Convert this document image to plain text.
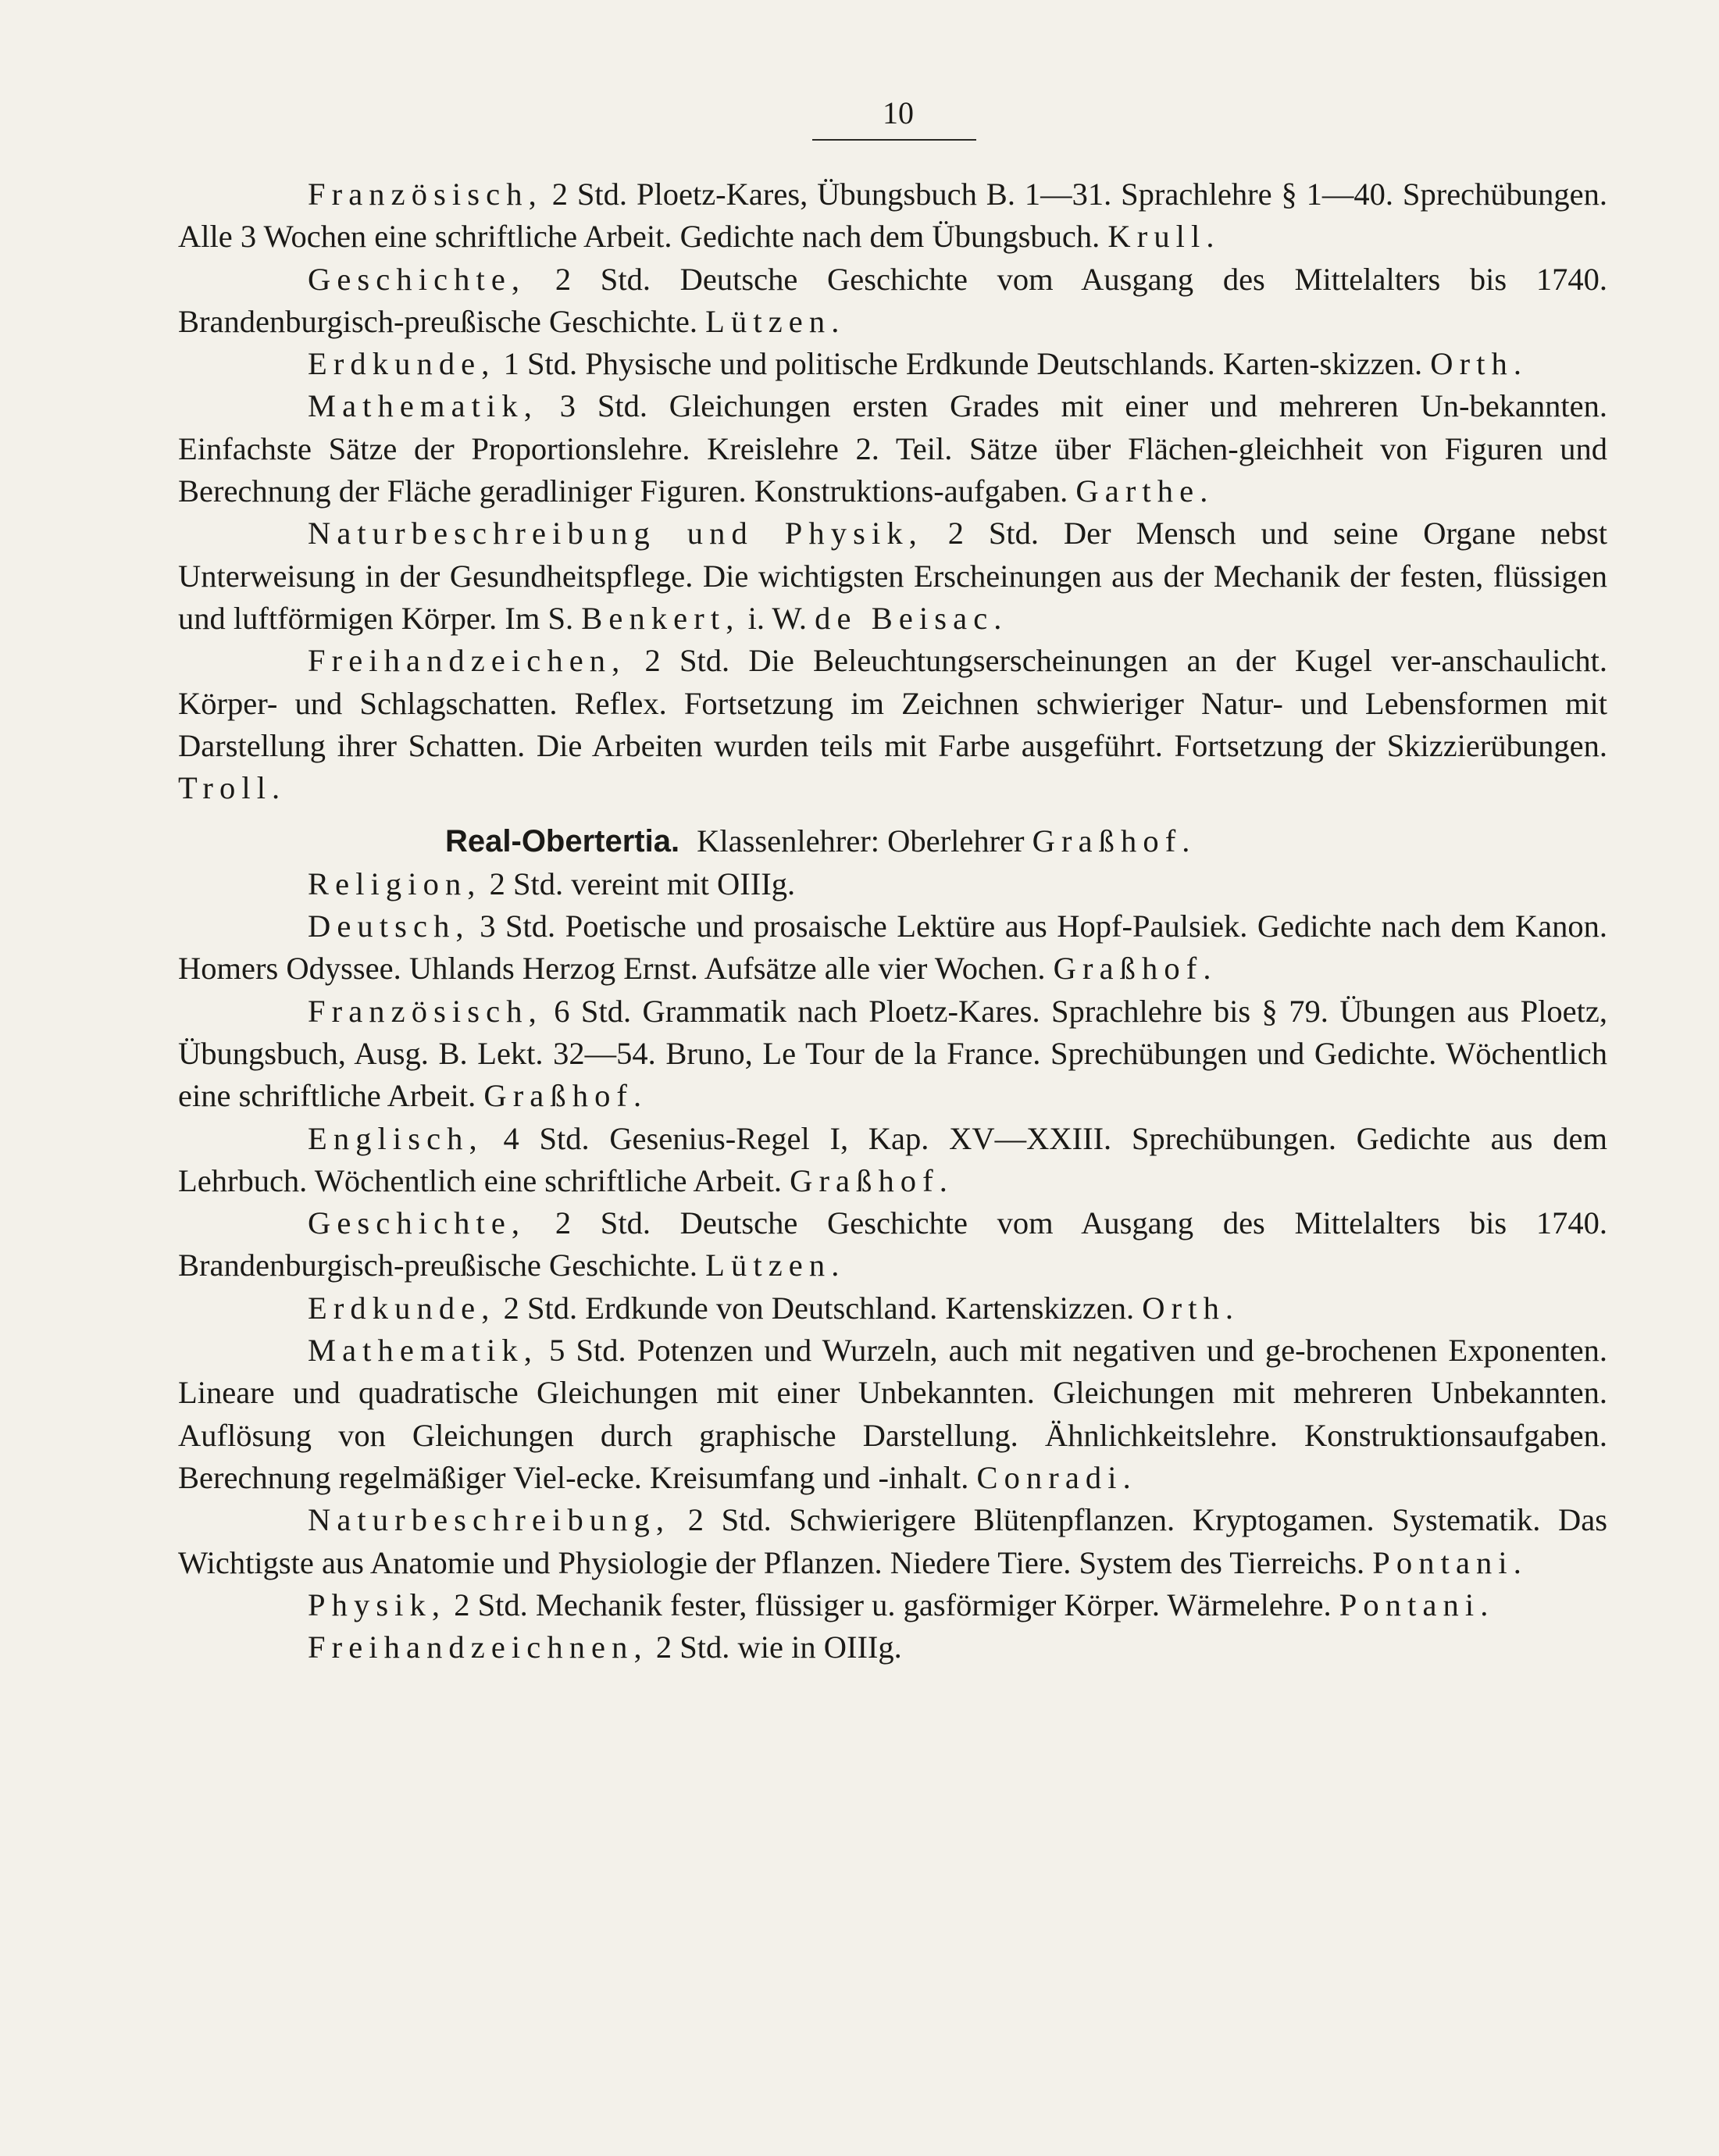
10

Französisch, 2 Std. Ploetz-Kares, Übungsbuch B. 1—31. Sprachlehre § 1—40. Sprechübungen. Alle 3 Wochen eine schriftliche Arbeit. Gedichte nach dem Übungsbuch. Krull.

Geschichte, 2 Std. Deutsche Geschichte vom Ausgang des Mittelalters bis 1740. Brandenburgisch-preußische Geschichte. Lützen.

Erdkunde, 1 Std. Physische und politische Erdkunde Deutschlands. Karten-skizzen. Orth.

Mathematik, 3 Std. Gleichungen ersten Grades mit einer und mehreren Un-bekannten. Einfachste Sätze der Proportionslehre. Kreislehre 2. Teil. Sätze über Flächen-gleichheit von Figuren und Berechnung der Fläche geradliniger Figuren. Konstruktions-aufgaben. Garthe.

Naturbeschreibung und Physik, 2 Std. Der Mensch und seine Organe nebst Unterweisung in der Gesundheitspflege. Die wichtigsten Erscheinungen aus der Mechanik der festen, flüssigen und luftförmigen Körper. Im S. Benkert, i. W. de Beisac.

Freihandzeichen, 2 Std. Die Beleuchtungserscheinungen an der Kugel ver-anschaulicht. Körper- und Schlagschatten. Reflex. Fortsetzung im Zeichnen schwieriger Natur- und Lebensformen mit Darstellung ihrer Schatten. Die Arbeiten wurden teils mit Farbe ausgeführt. Fortsetzung der Skizzierübungen. Troll.

Real-Obertertia. Klassenlehrer: Oberlehrer Graßhof.

Religion, 2 Std. vereint mit OIIIg.

Deutsch, 3 Std. Poetische und prosaische Lektüre aus Hopf-Paulsiek. Gedichte nach dem Kanon. Homers Odyssee. Uhlands Herzog Ernst. Aufsätze alle vier Wochen. Graßhof.

Französisch, 6 Std. Grammatik nach Ploetz-Kares. Sprachlehre bis § 79. Übungen aus Ploetz, Übungsbuch, Ausg. B. Lekt. 32—54. Bruno, Le Tour de la France. Sprechübungen und Gedichte. Wöchentlich eine schriftliche Arbeit. Graßhof.

Englisch, 4 Std. Gesenius-Regel I, Kap. XV—XXIII. Sprechübungen. Gedichte aus dem Lehrbuch. Wöchentlich eine schriftliche Arbeit. Graßhof.

Geschichte, 2 Std. Deutsche Geschichte vom Ausgang des Mittelalters bis 1740. Brandenburgisch-preußische Geschichte. Lützen.

Erdkunde, 2 Std. Erdkunde von Deutschland. Kartenskizzen. Orth.

Mathematik, 5 Std. Potenzen und Wurzeln, auch mit negativen und ge-brochenen Exponenten. Lineare und quadratische Gleichungen mit einer Unbekannten. Gleichungen mit mehreren Unbekannten. Auflösung von Gleichungen durch graphische Darstellung. Ähnlichkeitslehre. Konstruktionsaufgaben. Berechnung regelmäßiger Viel-ecke. Kreisumfang und -inhalt. Conradi.

Naturbeschreibung, 2 Std. Schwierigere Blütenpflanzen. Kryptogamen. Systematik. Das Wichtigste aus Anatomie und Physiologie der Pflanzen. Niedere Tiere. System des Tierreichs. Pontani.

Physik, 2 Std. Mechanik fester, flüssiger u. gasförmiger Körper. Wärmelehre. Pontani.

Freihandzeichnen, 2 Std. wie in OIIIg.
